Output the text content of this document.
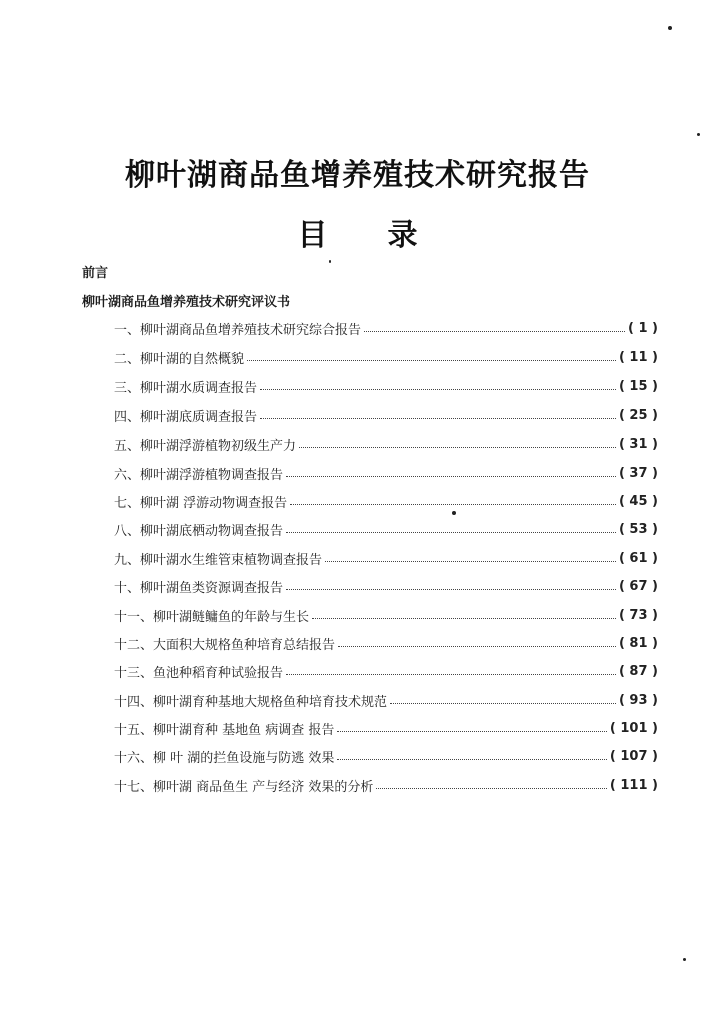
柳叶湖商品鱼增养殖技术研究报告
目录
前言
柳叶湖商品鱼增养殖技术研究评议书
一、柳叶湖商品鱼增养殖技术研究综合报告	( 1 )
二、柳叶湖的自然概貌	( 11 )
三、柳叶湖水质调查报告	( 15 )
四、柳叶湖底质调查报告	( 25 )
五、柳叶湖浮游植物初级生产力	( 31 )
六、柳叶湖浮游植物调查报告	( 37 )
七、柳叶湖 浮游动物调查报告	( 45 )
八、柳叶湖底栖动物调查报告	( 53 )
九、柳叶湖水生维管束植物调查报告	( 61 )
十、柳叶湖鱼类资源调查报告	( 67 )
十一、柳叶湖鲢鳙鱼的年龄与生长	( 73 )
十二、大面积大规格鱼种培育总结报告	( 81 )
十三、鱼池种稻育种试验报告	( 87 )
十四、柳叶湖育种基地大规格鱼种培育技术规范	( 93 )
十五、柳叶湖育种 基地鱼 病调查 报告	( 101 )
十六、柳 叶 湖的拦鱼设施与防逃 效果	( 107 )
十七、柳叶湖 商品鱼生 产与经济 效果的分析	( 111 )
